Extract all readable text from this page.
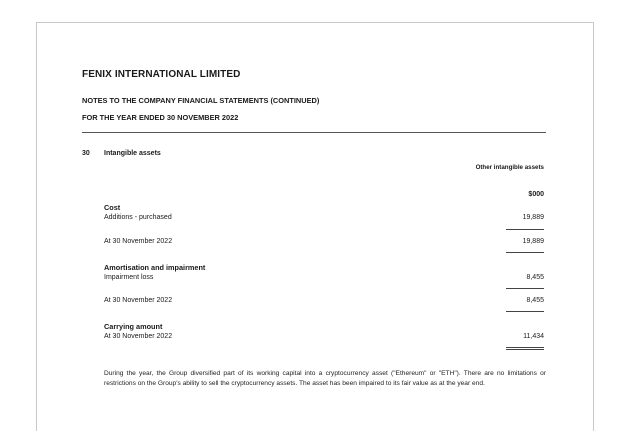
FENIX INTERNATIONAL LIMITED
NOTES TO THE COMPANY FINANCIAL STATEMENTS (CONTINUED)
FOR THE YEAR ENDED 30 NOVEMBER 2022
30 Intangible assets
Other intangible assets
$000
Cost
Additions - purchased	19,889
At 30 November 2022	19,889
Amortisation and impairment
Impairment loss	8,455
At 30 November 2022	8,455
Carrying amount
At 30 November 2022	11,434
During the year, the Group diversified part of its working capital into a cryptocurrency asset ("Ethereum" or "ETH"). There are no limitations or restrictions on the Group's ability to sell the cryptocurrency assets. The asset has been impaired to its fair value as at the year end.
